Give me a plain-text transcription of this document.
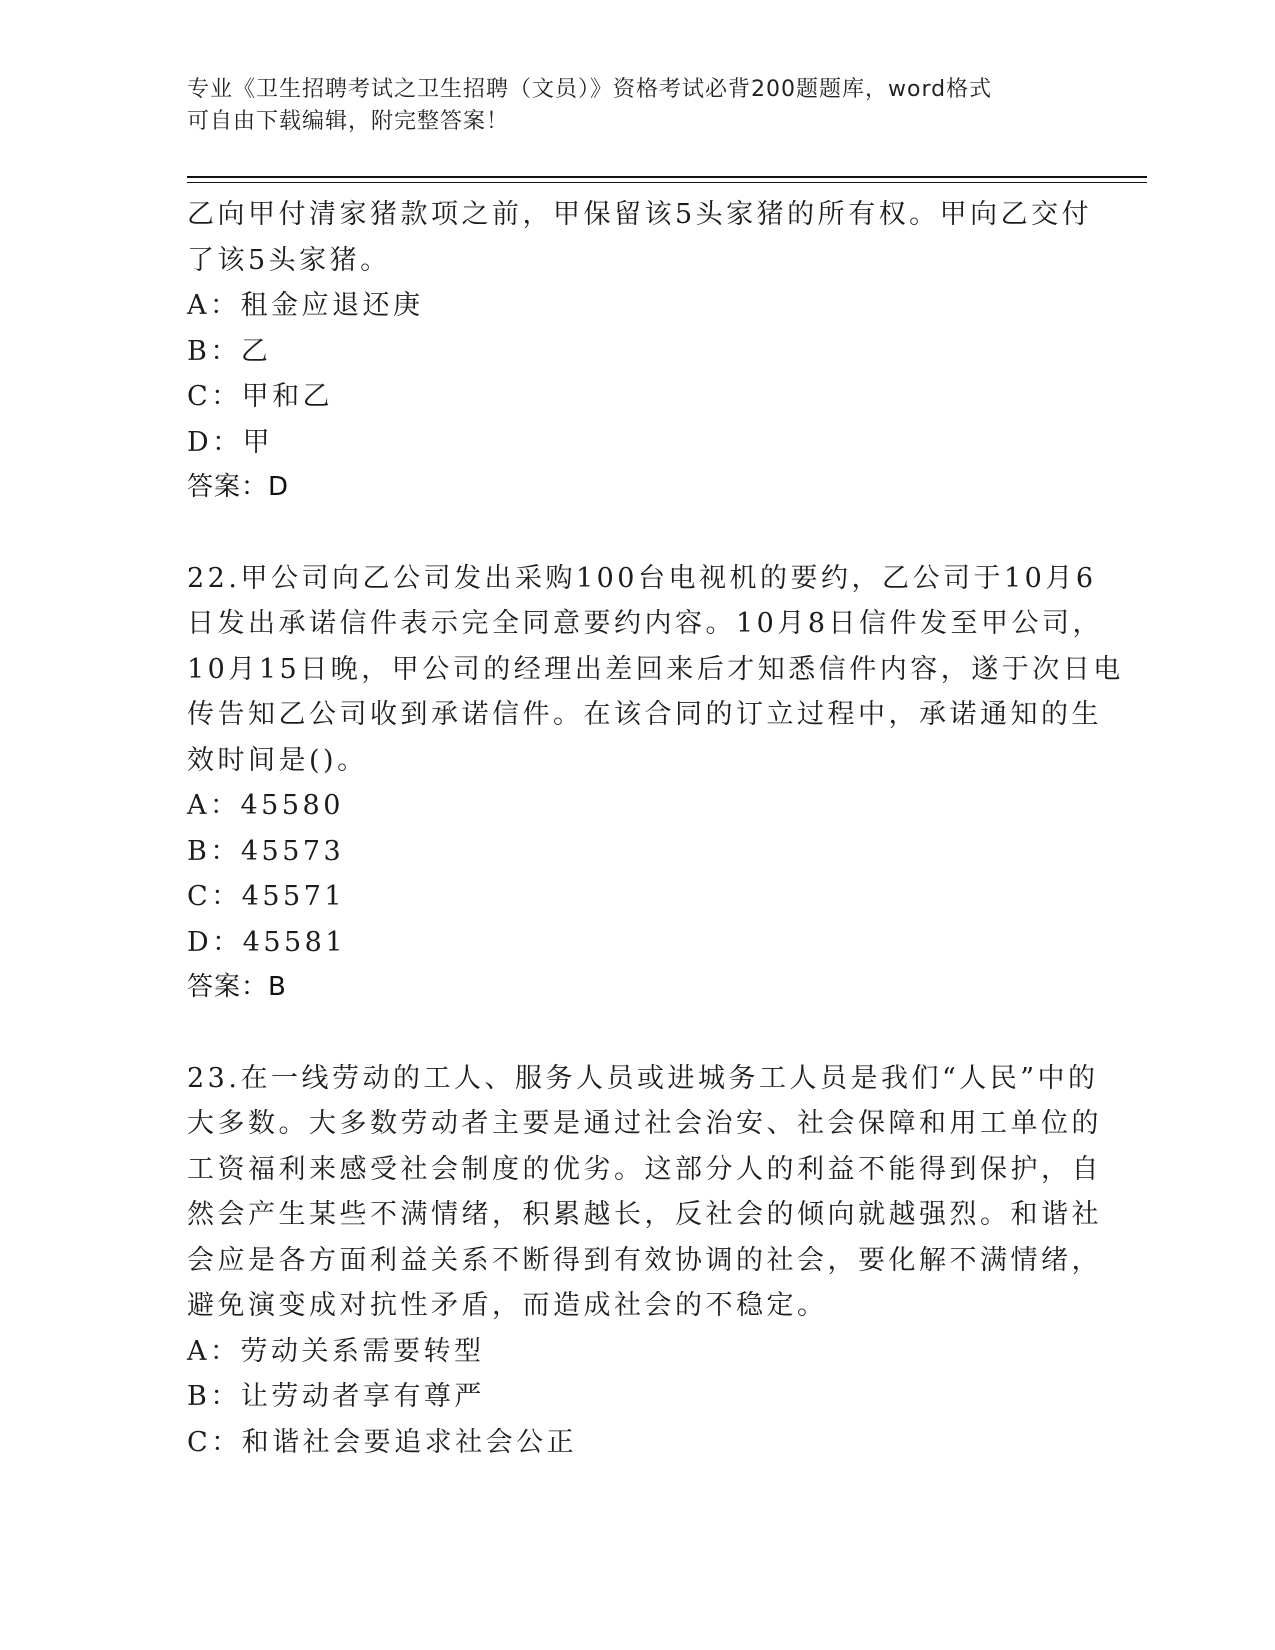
专业《卫生招聘考试之卫生招聘（文员）》资格考试必背200题题库，word格式
可自由下载编辑，附完整答案！
乙向甲付清家猪款项之前，甲保留该5头家猪的所有权。甲向乙交付
了该5头家猪。
A：租金应退还庚
B：乙
C：甲和乙
D：甲
答案：D
22.甲公司向乙公司发出采购100台电视机的要约，乙公司于10月6
日发出承诺信件表示完全同意要约内容。10月8日信件发至甲公司，
10月15日晚，甲公司的经理出差回来后才知悉信件内容，遂于次日电
传告知乙公司收到承诺信件。在该合同的订立过程中，承诺通知的生
效时间是()。
A：45580
B：45573
C：45571
D：45581
答案：B
23.在一线劳动的工人、服务人员或进城务工人员是我们“人民”中的
大多数。大多数劳动者主要是通过社会治安、社会保障和用工单位的
工资福利来感受社会制度的优劣。这部分人的利益不能得到保护，自
然会产生某些不满情绪，积累越长，反社会的倾向就越强烈。和谐社
会应是各方面利益关系不断得到有效协调的社会，要化解不满情绪，
避免演变成对抗性矛盾，而造成社会的不稳定。
A：劳动关系需要转型
B：让劳动者享有尊严
C：和谐社会要追求社会公正
